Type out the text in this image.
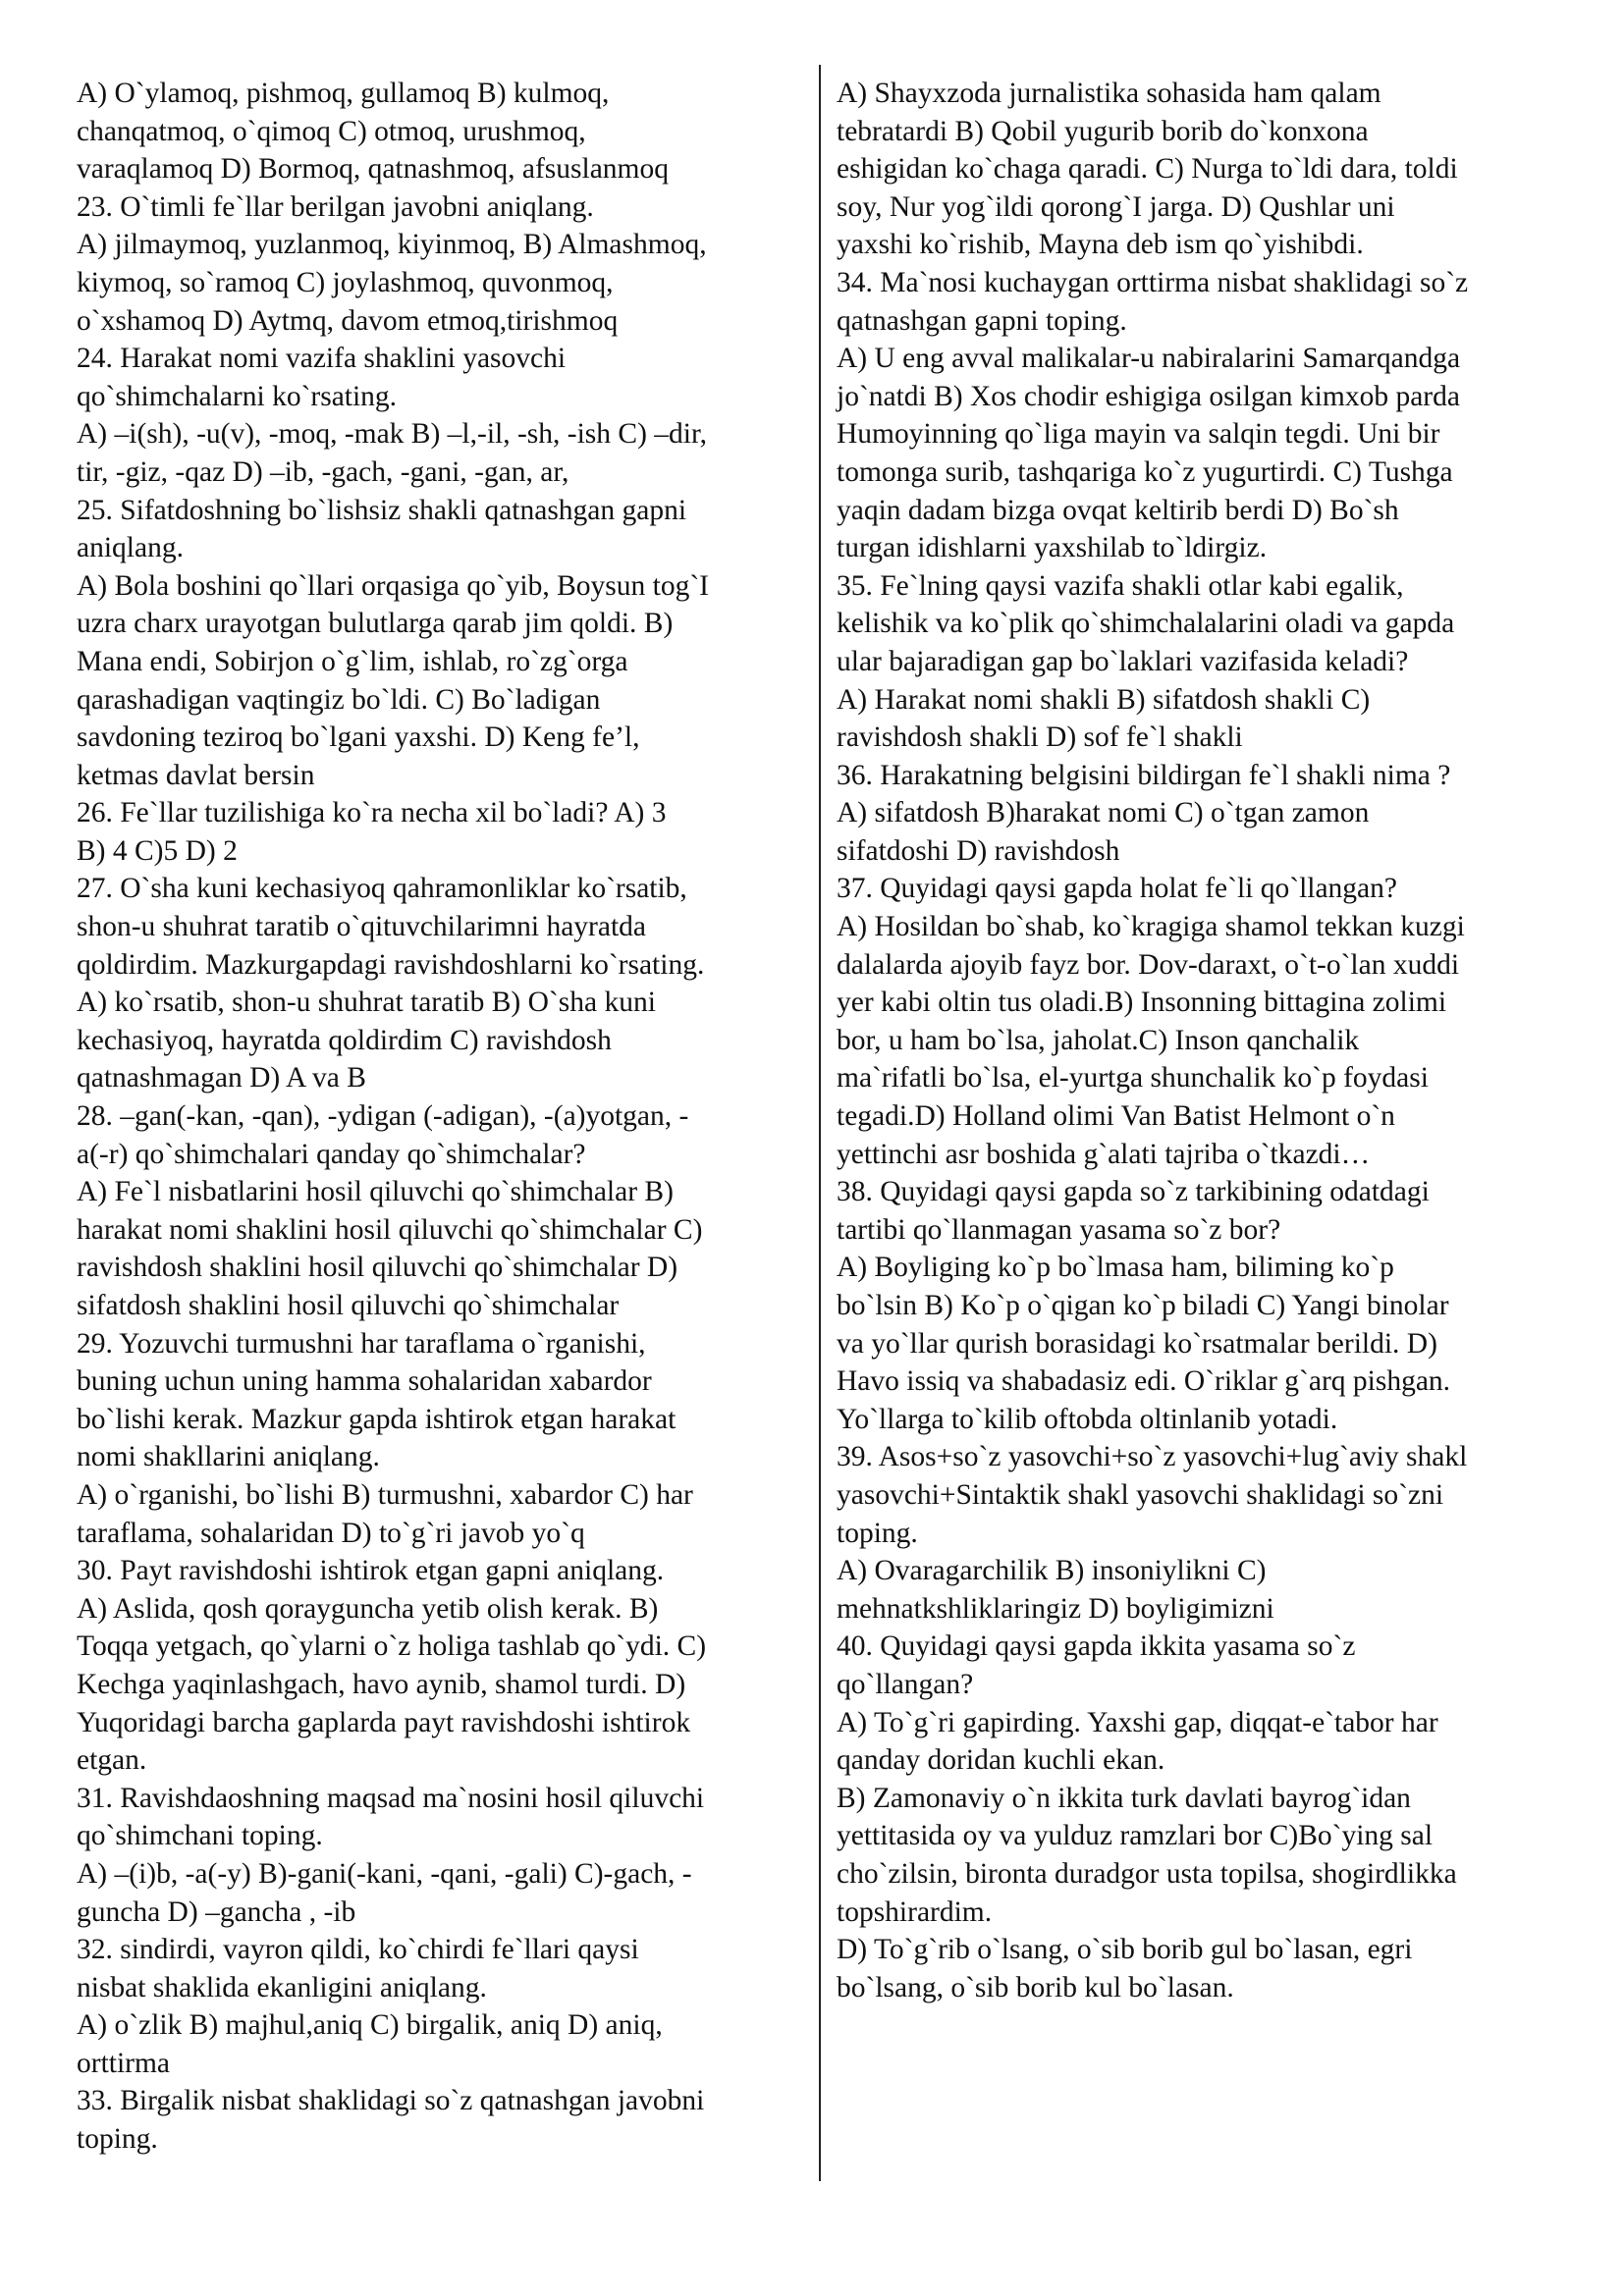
A) O`ylamoq, pishmoq, gullamoq B) kulmoq,
chanqatmoq, o`qimoq C) otmoq, urushmoq,
varaqlamoq D) Bormoq, qatnashmoq, afsuslanmoq
23. O`timli fe`llar berilgan javobni aniqlang.
A) jilmaymoq, yuzlanmoq, kiyinmoq, B) Almashmoq,
kiymoq, so`ramoq C) joylashmoq, quvonmoq,
o`xshamoq D) Aytmq, davom etmoq,tirishmoq
24. Harakat nomi vazifa shaklini yasovchi
qo`shimchalarni ko`rsating.
A) –i(sh), -u(v), -moq, -mak B) –l,-il, -sh, -ish C) –dir,
tir, -giz, -qaz D) –ib, -gach, -gani, -gan, ar,
25. Sifatdoshning bo`lishsiz shakli qatnashgan gapni
aniqlang.
A) Bola boshini qo`llari orqasiga qo`yib, Boysun tog`I
uzra charx urayotgan bulutlarga qarab jim qoldi. B)
Mana endi, Sobirjon o`g`lim, ishlab, ro`zg`orga
qarashadigan vaqtingiz bo`ldi. C) Bo`ladigan
savdoning teziroq bo`lgani yaxshi. D) Keng fe’l,
ketmas davlat bersin
26. Fe`llar tuzilishiga ko`ra necha xil bo`ladi? A) 3
B) 4 C)5 D) 2
27. O`sha kuni kechasiyoq qahramonliklar ko`rsatib,
shon-u shuhrat taratib o`qituvchilarimni hayratda
qoldirdim. Mazkurgapdagi ravishdoshlarni ko`rsating.
A) ko`rsatib, shon-u shuhrat taratib B) O`sha kuni
kechasiyoq, hayratda qoldirdim C) ravishdosh
qatnashmagan D) A va B
28. –gan(-kan, -qan), -ydigan (-adigan), -(a)yotgan, -
a(-r) qo`shimchalari qanday qo`shimchalar?
A) Fe`l nisbatlarini hosil qiluvchi qo`shimchalar B)
harakat nomi shaklini hosil qiluvchi qo`shimchalar C)
ravishdosh shaklini hosil qiluvchi qo`shimchalar D)
sifatdosh shaklini hosil qiluvchi qo`shimchalar
29. Yozuvchi turmushni har taraflama o`rganishi,
buning uchun uning hamma sohalaridan xabardor
bo`lishi kerak. Mazkur gapda ishtirok etgan harakat
nomi shakllarini aniqlang.
A) o`rganishi, bo`lishi B) turmushni, xabardor C) har
taraflama, sohalaridan D) to`g`ri javob yo`q
30. Payt ravishdoshi ishtirok etgan gapni aniqlang.
A) Aslida, qosh qoraygunchа yetib olish kerak. B)
Toqqa yetgach, qo`ylarni o`z holiga tashlab qo`ydi. C)
Kechga yaqinlashgach, havo aynib, shamol turdi. D)
Yuqoridagi barcha gaplarda payt ravishdoshi ishtirok
etgan.
31. Ravishdaoshning maqsad ma`nosini hosil qiluvchi
qo`shimchani toping.
A) –(i)b, -a(-y) B)-gani(-kani, -qani, -gali) C)-gach, -
guncha D) –gancha , -ib
32. sindirdi, vayron qildi, ko`chirdi fe`llari qaysi
nisbat shaklida ekanligini aniqlang.
A) o`zlik B) majhul,aniq C) birgalik, aniq D) aniq,
orttirma
33. Birgalik nisbat shaklidagi so`z qatnashgan javobni
toping.
A) Shayxzoda jurnalistika sohasida ham qalam
tebratardi B) Qobil yugurib borib do`konxona
eshigidan ko`chaga qaradi. C) Nurga to`ldi dara, toldi
soy, Nur yog`ildi qorong`I jarga. D) Qushlar uni
yaxshi ko`rishib, Mayna deb ism qo`yishibdi.
34. Ma`nosi kuchaygan orttirma nisbat shaklidagi so`z
qatnashgan gapni toping.
A) U eng avval malikalar-u nabiralarini Samarqandga
jo`natdi B) Xos chodir eshigiga osilgan kimxob parda
Humoyinning qo`liga mayin va salqin tegdi. Uni bir
tomonga surib, tashqariga ko`z yugurtirdi. C) Tushga
yaqin dadam bizga ovqat keltirib berdi D) Bo`sh
turgan idishlarni yaxshilab to`ldirgiz.
35. Fe`lning qaysi vazifa shakli otlar kabi egalik,
kelishik va ko`plik qo`shimchalalarini oladi va gapda
ular bajaradigan gap bo`laklari vazifasida keladi?
A) Harakat nomi shakli B) sifatdosh shakli C)
ravishdosh shakli D) sof fe`l shakli
36. Harakatning belgisini bildirgan fe`l shakli nima ?
A) sifatdosh B)harakat nomi C) o`tgan zamon
sifatdoshi D) ravishdosh
37. Quyidagi qaysi gapda holat fe`li qo`llangan?
A) Hosildan bo`shab, ko`kragiga shamol tekkan kuzgi
dalalarda ajoyib fayz bor. Dov-daraxt, o`t-o`lan xuddi
yer kabi oltin tus oladi.B) Insonning bittagina zolimi
bor, u ham bo`lsa, jaholat.C) Inson qanchalik
ma`rifatli bo`lsa, el-yurtga shunchalik ko`p foydasi
tegadi.D) Holland olimi Van Batist Helmont o`n
yettinchi asr boshida g`alati tajriba o`tkazdi…
38. Quyidagi qaysi gapda so`z tarkibining odatdagi
tartibi qo`llanmagan yasama so`z bor?
A) Boyliging ko`p bo`lmasa ham, biliming ko`p
bo`lsin B) Ko`p o`qigan ko`p biladi C) Yangi binolar
va yo`llar qurish borasidagi ko`rsatmalar berildi. D)
Havo issiq va shabadasiz edi. O`riklar g`arq pishgan.
Yo`llarga to`kilib oftobda oltinlanib yotadi.
39. Asos+so`z yasovchi+so`z yasovchi+lug`aviy shakl
yasovchi+Sintaktik shakl yasovchi shaklidagi so`zni
toping.
A) Ovaragarchilik B) insoniylikni C)
mehnatkshliklaringiz D) boyligimizni
40. Quyidagi qaysi gapda ikkita yasama so`z
qo`llangan?
A) To`g`ri gapirding. Yaxshi gap, diqqat-e`tabor har
qanday doridan kuchli ekan.
B) Zamonaviy o`n ikkita turk davlati bayrog`idan
yettitasida oy va yulduz ramzlari bor C)Bo`ying sal
cho`zilsin, bironta duradgor usta topilsa, shogirdlikka
topshirardim.
D) To`g`rib o`lsang, o`sib borib gul bo`lasan, egri
bo`lsang, o`sib borib kul bo`lasan.
